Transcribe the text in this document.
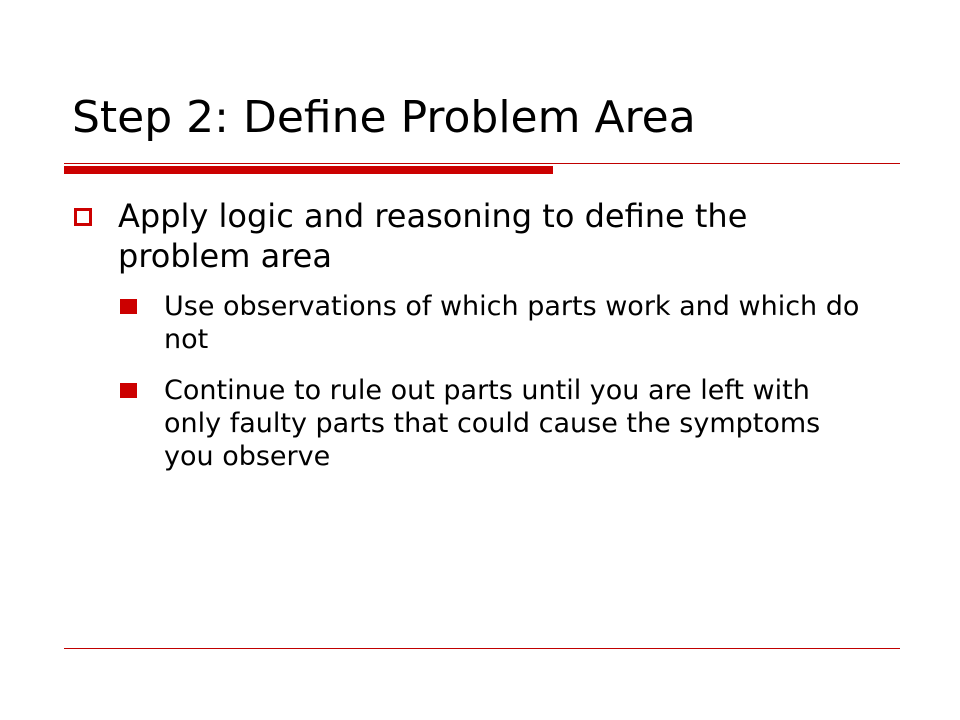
Step 2: Define Problem Area
Apply logic and reasoning to define the problem area
Use observations of which parts work and which do not
Continue to rule out parts until you are left with only faulty parts that could cause the symptoms you observe
